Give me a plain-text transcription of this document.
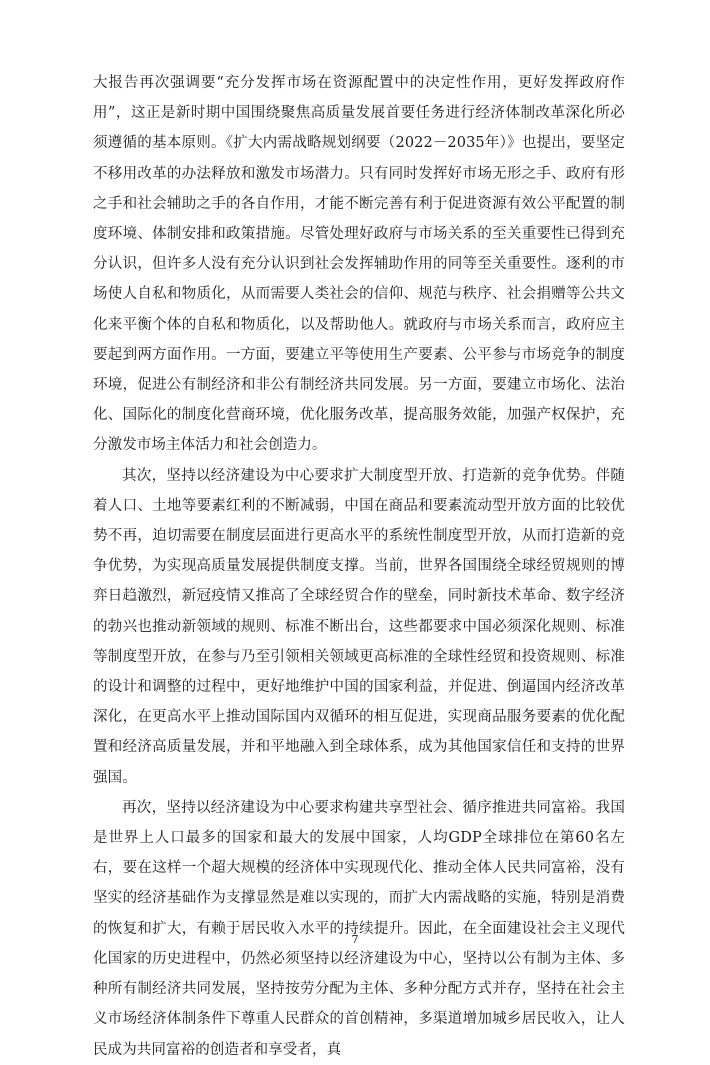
大报告再次强调要“充分发挥市场在资源配置中的决定性作用，更好发挥政府作用”，这正是新时期中国围绕聚焦高质量发展首要任务进行经济体制改革深化所必须遵循的基本原则。《扩大内需战略规划纲要（2022－2035年）》也提出，要坚定不移用改革的办法释放和激发市场潜力。只有同时发挥好市场无形之手、政府有形之手和社会辅助之手的各自作用，才能不断完善有利于促进资源有效公平配置的制度环境、体制安排和政策措施。尽管处理好政府与市场关系的至关重要性已得到充分认识，但许多人没有充分认识到社会发挥辅助作用的同等至关重要性。逐利的市场使人自私和物质化，从而需要人类社会的信仰、规范与秩序、社会捐赠等公共文化来平衡个体的自私和物质化，以及帮助他人。就政府与市场关系而言，政府应主要起到两方面作用。一方面，要建立平等使用生产要素、公平参与市场竞争的制度环境，促进公有制经济和非公有制经济共同发展。另一方面，要建立市场化、法治化、国际化的制度化营商环境，优化服务改革，提高服务效能，加强产权保护，充分激发市场主体活力和社会创造力。

其次，坚持以经济建设为中心要求扩大制度型开放、打造新的竞争优势。伴随着人口、土地等要素红利的不断减弱，中国在商品和要素流动型开放方面的比较优势不再，迫切需要在制度层面进行更高水平的系统性制度型开放，从而打造新的竞争优势，为实现高质量发展提供制度支撑。当前，世界各国围绕全球经贸规则的博弈日趋激烈，新冠疫情又推高了全球经贸合作的壁垒，同时新技术革命、数字经济的勃兴也推动新领域的规则、标准不断出台，这些都要求中国必须深化规则、标准等制度型开放，在参与乃至引领相关领域更高标准的全球性经贸和投资规则、标准的设计和调整的过程中，更好地维护中国的国家利益，并促进、倒逼国内经济改革深化，在更高水平上推动国际国内双循环的相互促进，实现商品服务要素的优化配置和经济高质量发展，并和平地融入到全球体系，成为其他国家信任和支持的世界强国。

再次，坚持以经济建设为中心要求构建共享型社会、循序推进共同富裕。我国是世界上人口最多的国家和最大的发展中国家，人均GDP全球排位在第60名左右，要在这样一个超大规模的经济体中实现现代化、推动全体人民共同富裕，没有坚实的经济基础作为支撑显然是难以实现的，而扩大内需战略的实施，特别是消费的恢复和扩大，有赖于居民收入水平的持续提升。因此，在全面建设社会主义现代化国家的历史进程中，仍然必须坚持以经济建设为中心，坚持以公有制为主体、多种所有制经济共同发展，坚持按劳分配为主体、多种分配方式并存，坚持在社会主义市场经济体制条件下尊重人民群众的首创精神，多渠道增加城乡居民收入，让人民成为共同富裕的创造者和享受者，真

7
